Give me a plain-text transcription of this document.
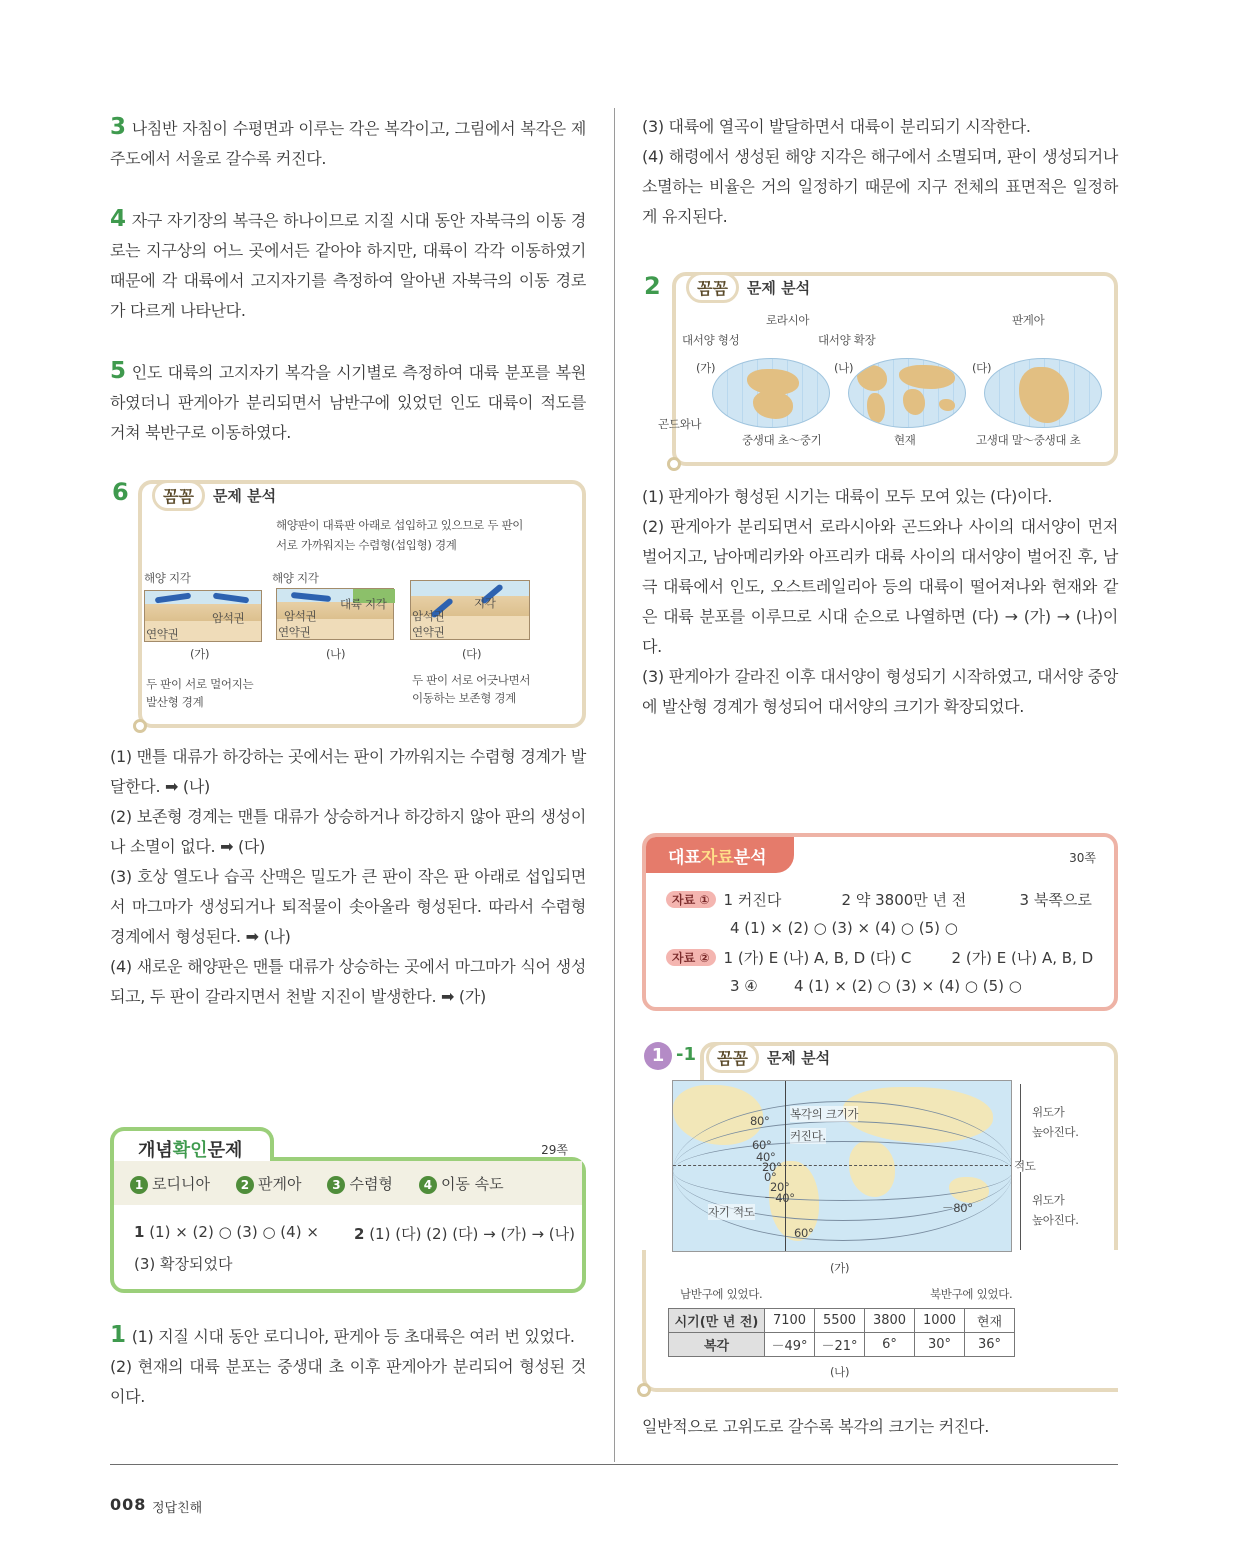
3 나침반 자침이 수평면과 이루는 각은 복각이고, 그림에서 복각은 제주도에서 서울로 갈수록 커진다.

4 자구 자기장의 복극은 하나이므로 지질 시대 동안 자북극의 이동 경로는 지구상의 어느 곳에서든 같아야 하지만, 대륙이 각각 이동하였기 때문에 각 대륙에서 고지자기를 측정하여 알아낸 자북극의 이동 경로가 다르게 나타난다.

5 인도 대륙의 고지자기 복각을 시기별로 측정하여 대륙 분포를 복원하였더니 판게아가 분리되면서 남반구에 있었던 인도 대륙이 적도를 거쳐 북반구로 이동하였다.

6	꼼꼼	문제 분석
해양판이 대륙판 아래로 섭입하고 있으므로 두 판이
서로 가까워지는 수렴형(섭입형) 경계
해양 지각
암석권
연약권
해양 지각
암석권
대륙 지각
연약권
지각
암석권
연약권
(가)	(나)	(다)
두 판이 서로 멀어지는
발산형 경계
두 판이 서로 어긋나면서
이동하는 보존형 경계

(1) 맨틀 대류가 하강하는 곳에서는 판이 가까워지는 수렴형 경계가 발달한다. ➡ (나)

(2) 보존형 경계는 맨틀 대류가 상승하거나 하강하지 않아 판의 생성이나 소멸이 없다. ➡ (다)

(3) 호상 열도나 습곡 산맥은 밀도가 큰 판이 작은 판 아래로 섭입되면서 마그마가 생성되거나 퇴적물이 솟아올라 형성된다. 따라서 수렴형 경계에서 형성된다. ➡ (나)

(4) 새로운 해양판은 맨틀 대류가 상승하는 곳에서 마그마가 식어 생성되고, 두 판이 갈라지면서 천발 지진이 발생한다. ➡ (가)

개념 확인 문제	29쪽
1 로디니아	2 판게아	3 수렴형	4 이동 속도
1 (1) × (2) ○ (3) ○ (4) × 2 (1) (다) (2) (다) → (가) → (나)
(3) 확장되었다

1 (1) 지질 시대 동안 로디니아, 판게아 등 초대륙은 여러 번 있었다.

(2) 현재의 대륙 분포는 중생대 초 이후 판게아가 분리되어 형성된 것이다.

(3) 대륙에 열곡이 발달하면서 대륙이 분리되기 시작한다.

(4) 해령에서 생성된 해양 지각은 해구에서 소멸되며, 판이 생성되거나 소멸하는 비율은 거의 일정하기 때문에 지구 전체의 표면적은 일정하게 유지된다.

2	꼼꼼	문제 분석
대서양 형성
로라시아
대서양 확장
판게아
(가)	(나)	(다)
곤드와나
중생대 초～중기	현재	고생대 말～중생대 초

(1) 판게아가 형성된 시기는 대륙이 모두 모여 있는 (다)이다.

(2) 판게아가 분리되면서 로라시아와 곤드와나 사이의 대서양이 먼저 벌어지고, 남아메리카와 아프리카 대륙 사이의 대서양이 벌어진 후, 남극 대륙에서 인도, 오스트레일리아 등의 대륙이 떨어져나와 현재와 같은 대륙 분포를 이루므로 시대 순으로 나열하면 (다) → (가) → (나)이다.

(3) 판게아가 갈라진 이후 대서양이 형성되기 시작하였고, 대서양 중앙에 발산형 경계가 형성되어 대서양의 크기가 확장되었다.

대표 자료 분석	30쪽
자료 ① 1 커진다	2 약 3800만 년 전	3 북쪽으로
4 (1) × (2) ○ (3) × (4) ○ (5) ○
자료 ② 1 (가) E (나) A, B, D (다) C	2 (가) E (나) A, B, D
3 ④	4 (1) × (2) ○ (3) × (4) ○ (5) ○
1 -1	꼼꼼	문제 분석
80° 복각의 크기가
커진다.
60°
40°
20°
0°
20°
－40°
자기 적도	－80°
60°
위도가
높아진다.
적도
위도가
높아진다.
(가)
남반구에 있었다.	북반구에 있었다.
시기(만 년 전)	7100	5500	3800	1000	현재
복각	－49°	－21°	6°	30°	36°
(나)

일반적으로 고위도로 갈수록 복각의 크기는 커진다.

008 정답친해
